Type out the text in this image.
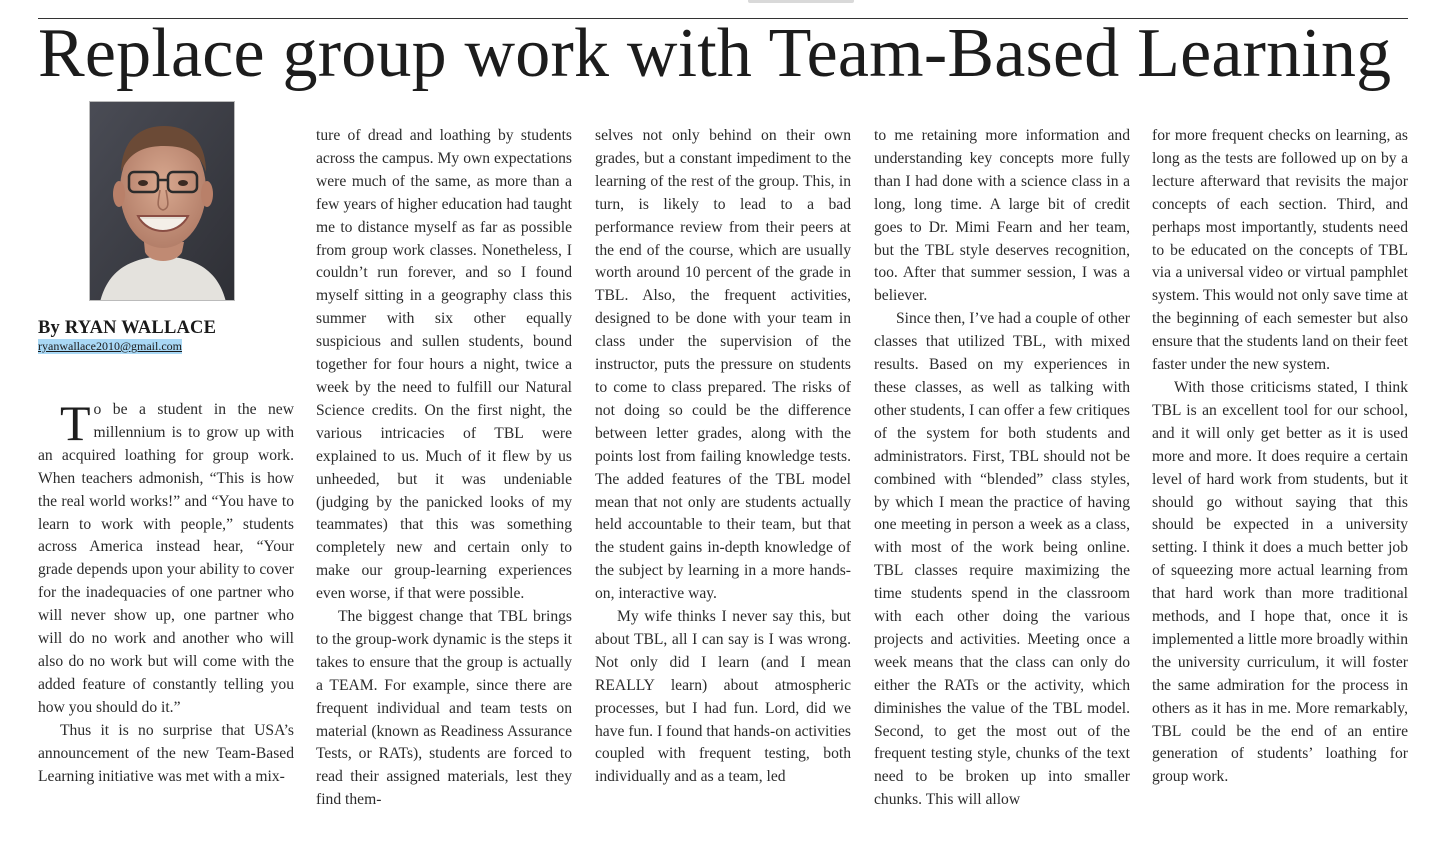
Replace group work with Team-Based Learning
By RYAN WALLACE
ryanwallace2010@gmail.com

To be a student in the new millennium is to grow up with an acquired loathing for group work. When teachers admonish, “This is how the real world works!” and “You have to learn to work with people,” students across America instead hear, “Your grade depends upon your ability to cover for the inadequacies of one partner who will never show up, one partner who will do no work and another who will also do no work but will come with the added feature of constantly telling you how you should do it.”

Thus it is no surprise that USA’s announcement of the new Team-Based Learning initiative was met with a mix-

ture of dread and loathing by students across the campus. My own expectations were much of the same, as more than a few years of higher education had taught me to distance myself as far as possible from group work classes. Nonetheless, I couldn’t run forever, and so I found myself sitting in a geography class this summer with six other equally suspicious and sullen students, bound together for four hours a night, twice a week by the need to fulfill our Natural Science credits. On the first night, the various intricacies of TBL were explained to us. Much of it flew by us unheeded, but it was undeniable (judging by the panicked looks of my teammates) that this was something completely new and certain only to make our group-learning experiences even worse, if that were possible.

The biggest change that TBL brings to the group-work dynamic is the steps it takes to ensure that the group is actually a TEAM. For example, since there are frequent individual and team tests on material (known as Readiness Assurance Tests, or RATs), students are forced to read their assigned materials, lest they find them-

selves not only behind on their own grades, but a constant impediment to the learning of the rest of the group. This, in turn, is likely to lead to a bad performance review from their peers at the end of the course, which are usually worth around 10 percent of the grade in TBL. Also, the frequent activities, designed to be done with your team in class under the supervision of the instructor, puts the pressure on students to come to class prepared. The risks of not doing so could be the difference between letter grades, along with the points lost from failing knowledge tests. The added features of the TBL model mean that not only are students actually held accountable to their team, but that the student gains in-depth knowledge of the subject by learning in a more hands-on, interactive way.

My wife thinks I never say this, but about TBL, all I can say is I was wrong. Not only did I learn (and I mean REALLY learn) about atmospheric processes, but I had fun. Lord, did we have fun. I found that hands-on activities coupled with frequent testing, both individually and as a team, led

to me retaining more information and understanding key concepts more fully than I had done with a science class in a long, long time. A large bit of credit goes to Dr. Mimi Fearn and her team, but the TBL style deserves recognition, too. After that summer session, I was a believer.

Since then, I’ve had a couple of other classes that utilized TBL, with mixed results. Based on my experiences in these classes, as well as talking with other students, I can offer a few critiques of the system for both students and administrators. First, TBL should not be combined with “blended” class styles, by which I mean the practice of having one meeting in person a week as a class, with most of the work being online. TBL classes require maximizing the time students spend in the classroom with each other doing the various projects and activities. Meeting once a week means that the class can only do either the RATs or the activity, which diminishes the value of the TBL model. Second, to get the most out of the frequent testing style, chunks of the text need to be broken up into smaller chunks. This will allow

for more frequent checks on learning, as long as the tests are followed up on by a lecture afterward that revisits the major concepts of each section. Third, and perhaps most importantly, students need to be educated on the concepts of TBL via a universal video or virtual pamphlet system. This would not only save time at the beginning of each semester but also ensure that the students land on their feet faster under the new system.

With those criticisms stated, I think TBL is an excellent tool for our school, and it will only get better as it is used more and more. It does require a certain level of hard work from students, but it should go without saying that this should be expected in a university setting. I think it does a much better job of squeezing more actual learning from that hard work than more traditional methods, and I hope that, once it is implemented a little more broadly within the university curriculum, it will foster the same admiration for the process in others as it has in me. More remarkably, TBL could be the end of an entire generation of students’ loathing for group work.
